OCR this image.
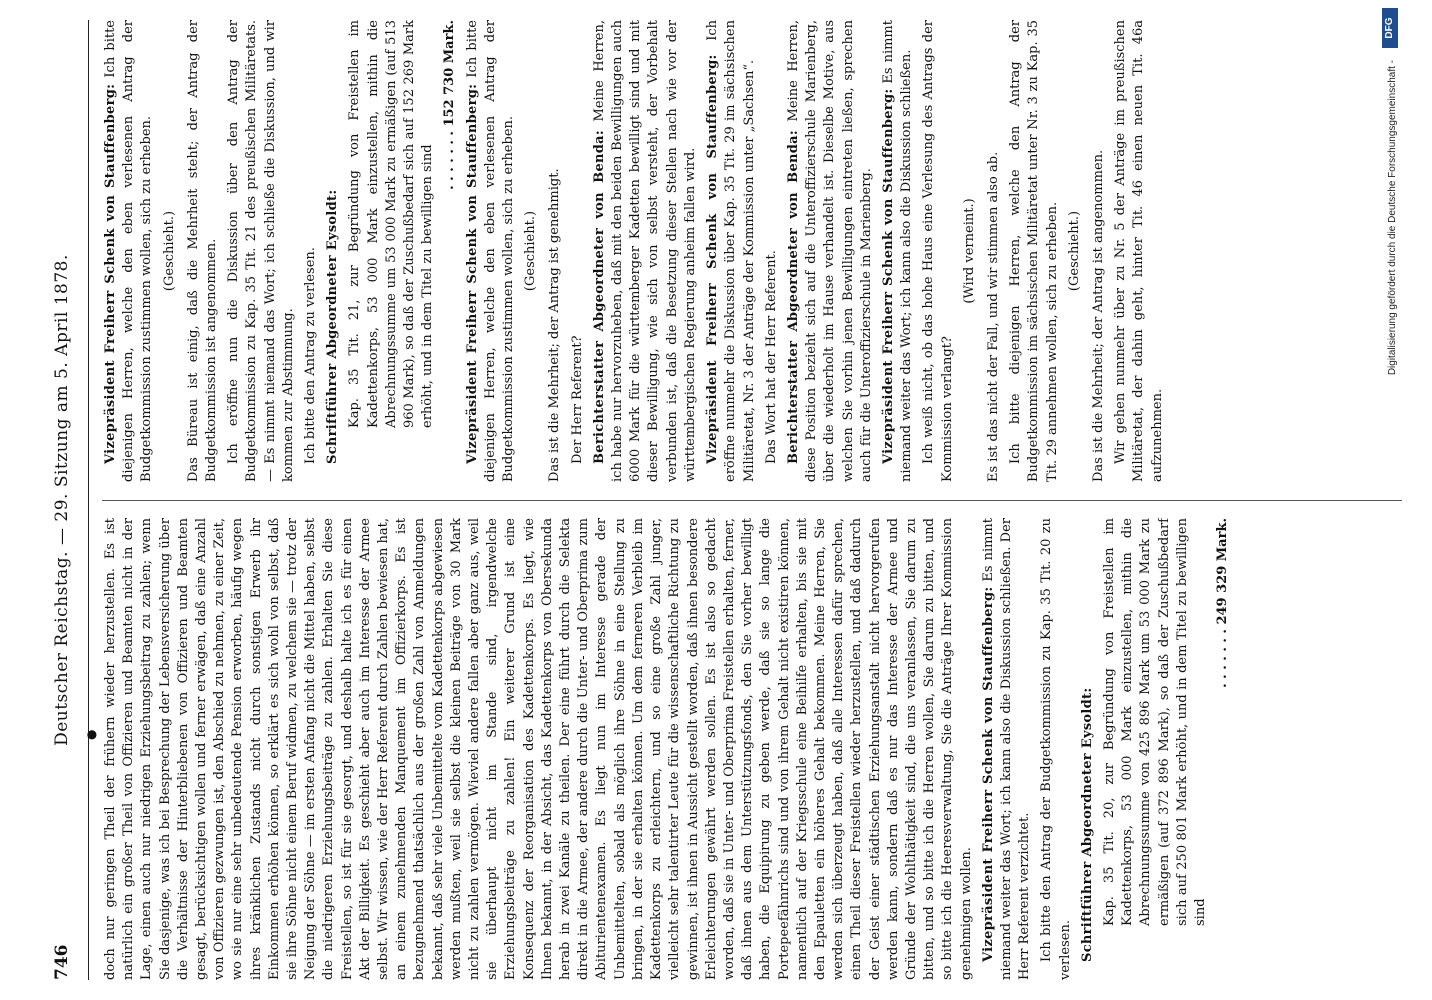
746
Deutscher Reichstag. — 29. Sitzung am 5. April 1878. ● doch nur geringen Theil der frühern wieder herzustellen. Es ist natürlich ein großer Theil von Offizieren und Beamten nicht in der Lage, einen auch nur niedrigen Erziehungsbeitrag zu zahlen; wenn Sie dasjenige, was ich bei Besprechung der Lebensversicherung über die Verhältnisse der Hinterbliebenen von Offizieren und Beamten gesagt, berücksichtigen wollen und ferner erwägen, daß eine Anzahl von Offizieren gezwungen ist, den Abschied zu nehmen, zu einer Zeit, wo sie nur eine sehr unbedeutende Pension erworben, häufig wegen ihres kränklichen Zustands nicht durch sonstigen Erwerb ihr Einkommen erhöhen können, so erklärt es sich wohl von selbst, daß sie ihre Söhne nicht einem Beruf widmen, zu welchem sie — trotz der Neigung der Söhne — im ersten Anfang nicht die Mittel haben, selbst die niedrigeren Erziehungsbeiträge zu zahlen. Erhalten Sie diese Freistellen, so ist für sie gesorgt, und deshalb halte ich es für einen Akt der Billigkeit. Es geschieht aber auch im Interesse der Armee selbst. Wir wissen, wie der Herr Referent durch Zahlen bewiesen hat, an einem zunehmenden Manquement im Offizierkorps. Es ist bezugnehmend thatsächlich aus der großen Zahl von Anmeldungen bekannt, daß sehr viele Unbemittelte vom Kadettenkorps abgewiesen werden mußten, weil sie selbst die kleinen Beiträge von 30 Mark nicht zu zahlen vermögen. Wieviel andere fallen aber ganz aus, weil sie überhaupt nicht im Stande sind, irgendwelche Erziehungsbeiträge zu zahlen! Ein weiterer Grund ist eine Konsequenz der Reorganisation des Kadettenkorps. Es liegt, wie Ihnen bekannt, in der Absicht, das Kadettenkorps von Obersekunda herab in zwei Kanäle zu theilen. Der eine führt durch die Selekta direkt in die Armee, der andere durch die Unter- und Oberprima zum Abiturientenexamen. Es liegt nun im Interesse gerade der Unbemittelten, sobald als möglich ihre Söhne in eine Stellung zu bringen, in der sie erhalten können. Um dem ferneren Verbleib im Kadettenkorps zu erleichtern, und so eine große Zahl junger, vielleicht sehr talentirter Leute für die wissenschaftliche Richtung zu gewinnen, ist ihnen in Aussicht gestellt worden, daß ihnen besondere Erleichterungen gewährt werden sollen. Es ist also so gedacht worden, daß sie in Unter- und Oberprima Freistellen erhalten, ferner, daß ihnen aus dem Unterstützungsfonds, den Sie vorher bewilligt haben, die Equipirung zu geben werde, daß sie so lange die Portepeefähnrichs sind und von ihrem Gehalt nicht existiren können, namentlich auf der Kriegsschule eine Beihilfe erhalten, bis sie mit den Epauletten ein höheres Gehalt bekommen. Meine Herren, Sie werden sich überzeugt haben, daß alle Interessen dafür sprechen, einen Theil dieser Freistellen wieder herzustellen, und daß dadurch der Geist einer städtischen Erziehungsanstalt nicht hervorgerufen werden kann, sondern daß es nur das Interesse der Armee und Gründe der Wohlthätigkeit sind, die uns veranlassen, Sie darum zu bitten, und so bitte ich die Herren wollen, Sie darum zu bitten, und so bitte ich die Heeresverwaltung, Sie die Anträge Ihrer Kommission genehmigen wollen. Vizepräsident Freiherr Schenk von Stauffenberg: Es nimmt niemand weiter das Wort; ich kann also die Diskussion schließen. Der Herr Referent verzichtet. Ich bitte den Antrag der Budgetkommission zu Kap. 35 Tit. 20 zu verlesen. Schriftführer Abgeordneter Eysoldt: Kap. 35 Tit. 20, zur Begründung von Freistellen im Kadettenkorps, 53 000 Mark einzustellen, mithin die Abrechnungssumme von 425 896 Mark um 53 000 Mark zu ermäßigen (auf 372 896 Mark), so daß der Zuschußbedarf sich auf 250 801 Mark erhöht, und in dem Titel zu bewilligen sind

. . . . . . . 249 329 Mark.

Vizepräsident Freiherr Schenk von Stauffenberg: Ich bitte diejenigen Herren, welche den eben verlesenen Antrag der Budgetkommission zustimmen wollen, sich zu erheben. (Geschieht.) Das Büreau ist einig, daß die Mehrheit steht; der Antrag der Budgetkommission ist angenommen. Ich eröffne nun die Diskussion über den Antrag der Budgetkommission zu Kap. 35 Tit. 21 des preußischen Militäretats. — Es nimmt niemand das Wort; ich schließe die Diskussion, und wir kommen zur Abstimmung. Ich bitte den Antrag zu verlesen. Schriftführer Abgeordneter Eysoldt: Kap. 35 Tit. 21, zur Begründung von Freistellen im Kadettenkorps, 53 000 Mark einzustellen, mithin die Abrechnungssumme um 53 000 Mark zu ermäßigen (auf 513 960 Mark), so daß der Zuschußbedarf sich auf 152 269 Mark erhöht, und in dem Titel zu bewilligen sind

. . . . . . . 152 730 Mark. Vizepräsident Freiherr Schenk von Stauffenberg: Ich bitte diejenigen Herren, welche den eben verlesenen Antrag der Budgetkommission zustimmen wollen, sich zu erheben. (Geschieht.) Das ist die Mehrheit; der Antrag ist genehmigt. Der Herr Referent? Berichterstatter Abgeordneter von Benda: Meine Herren, ich habe nur hervorzuheben, daß mit den beiden Bewilligungen auch 6000 Mark für die württemberger Kadetten bewilligt sind und mit dieser Bewilligung, wie sich von selbst versteht, der Vorbehalt verbunden ist, daß die Besetzung dieser Stellen nach wie vor der württembergischen Regierung anheim fallen wird. Vizepräsident Freiherr Schenk von Stauffenberg: Ich eröffne nunmehr die Diskussion über Kap. 35 Tit. 29 im sächsischen Militäretat, Nr. 3 der Anträge der Kommission unter „Sachsen“. Das Wort hat der Herr Referent. Berichterstatter Abgeordneter von Benda: Meine Herren, diese Position bezieht sich auf die Unteroffizierschule Marienberg, über die wiederholt im Hause verhandelt ist. Dieselbe Motive, aus welchen Sie vorhin jenen Bewilligungen eintreten ließen, sprechen auch für die Unteroffizierschule in Marienberg. Vizepräsident Freiherr Schenk von Stauffenberg: Es nimmt niemand weiter das Wort; ich kann also die Diskussion schließen. Ich weiß nicht, ob das hohe Haus eine Verlesung des Antrags der Kommission verlangt?

(Wird verneint.) Es ist das nicht der Fall, und wir stimmen also ab. Ich bitte diejenigen Herren, welche den Antrag der Budgetkommission im sächsischen Militäretat unter Nr. 3 zu Kap. 35 Tit. 29 annehmen wollen, sich zu erheben. (Geschieht.) Das ist die Mehrheit; der Antrag ist angenommen. Wir gehen nunmehr über zu Nr. 5 der Anträge im preußischen Militäretat, der dahin geht, hinter Tit. 46 einen neuen Tit. 46a aufzunehmen.

Digitalisierung gefördert durch die Deutsche Forschungsgemeinschaft -
DFG
